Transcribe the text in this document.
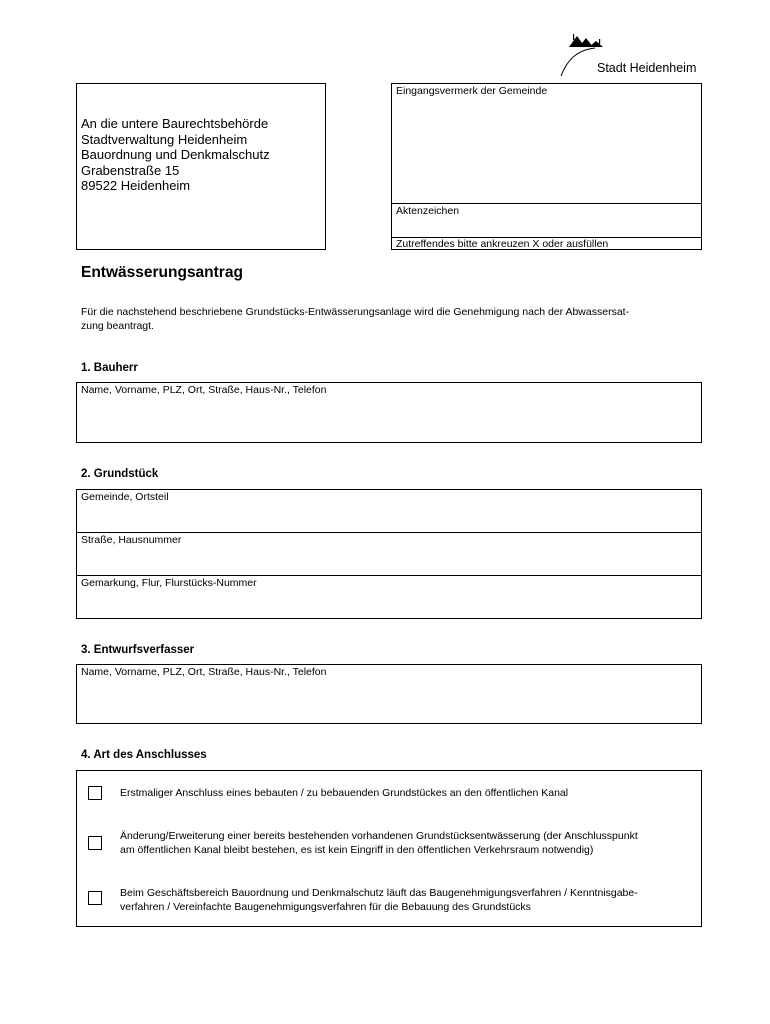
Stadt Heidenheim
An die untere Baurechtsbehörde
Stadtverwaltung Heidenheim
Bauordnung und Denkmalschutz
Grabenstraße 15
89522 Heidenheim
Eingangsvermerk der Gemeinde
Aktenzeichen
Zutreffendes bitte ankreuzen X oder ausfüllen
Entwässerungsantrag
Für die nachstehend beschriebene Grundstücks-Entwässerungsanlage wird die Genehmigung nach der Abwassersat-
zung beantragt.
1. Bauherr
Name, Vorname, PLZ, Ort, Straße, Haus-Nr., Telefon
2. Grundstück
Gemeinde, Ortsteil
Straße, Hausnummer
Gemarkung, Flur, Flurstücks-Nummer
3. Entwurfsverfasser
Name, Vorname, PLZ, Ort, Straße, Haus-Nr., Telefon
4. Art des Anschlusses
Erstmaliger Anschluss eines bebauten / zu bebauenden Grundstückes an den öffentlichen Kanal
Änderung/Erweiterung einer bereits bestehenden vorhandenen Grundstücksentwässerung (der Anschlusspunkt
am öffentlichen Kanal bleibt bestehen, es ist kein Eingriff in den öffentlichen Verkehrsraum notwendig)
Beim Geschäftsbereich Bauordnung und Denkmalschutz läuft das Baugenehmigungsverfahren / Kenntnisgabe-
verfahren / Vereinfachte Baugenehmigungsverfahren für die Bebauung des Grundstücks
